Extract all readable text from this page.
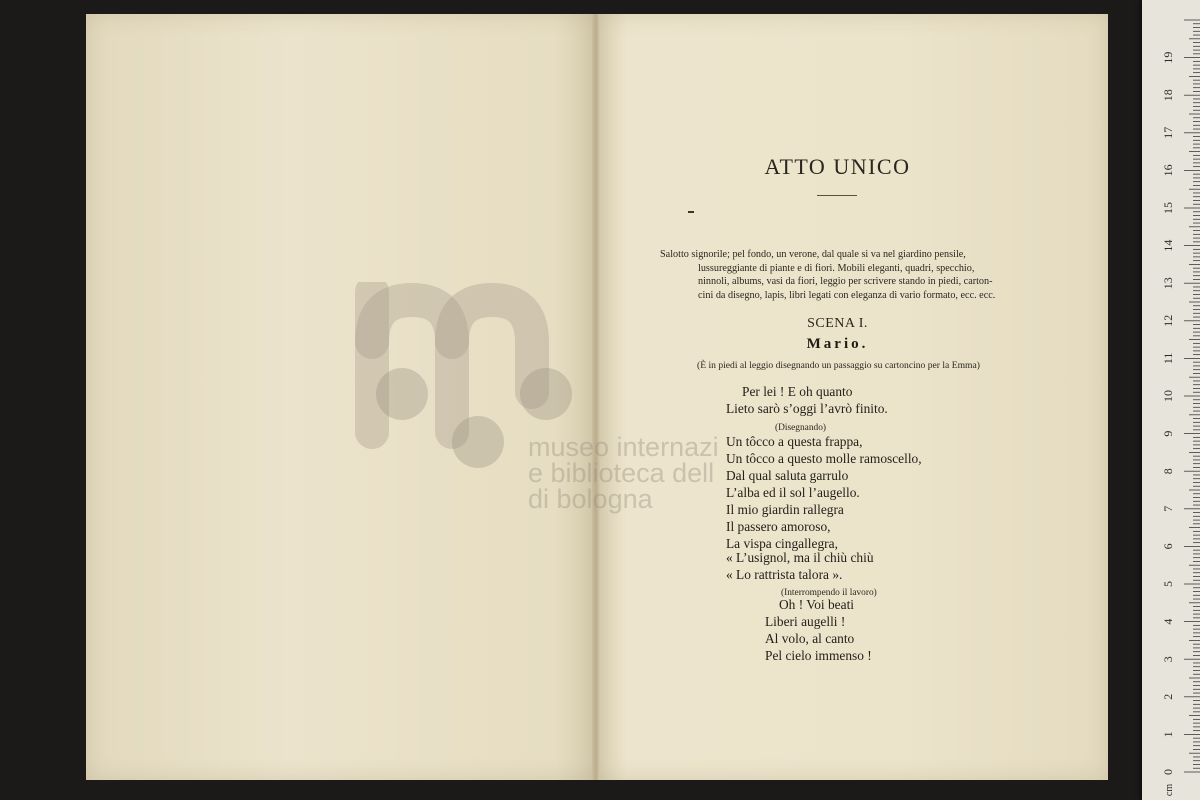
museo internazi
e biblioteca dell
di bologna
ATTO UNICO
Salotto signorile; pel fondo, un verone, dal quale si va nel giardino pensile,
lussureggiante di piante e di fiori. Mobili eleganti, quadri, specchio,
ninnoli, albums, vasi da fiori, leggio per scrivere stando in piedi, carton-
cini da disegno, lapis, libri legati con eleganza di vario formato, ecc. ecc.
SCENA I.
Mario.
(È in piedi al leggio disegnando un passaggio su cartoncino per la Emma)
Per lei ! E oh quanto
Lieto sarò s’oggi l’avrò finito.
(Disegnando)
Un tôcco a questa frappa,
Un tôcco a questo molle ramoscello,
Dal qual saluta garrulo
L’alba ed il sol l’augello.
Il mio giardin rallegra
Il passero amoroso,
La vispa cingallegra,
« L’usignol, ma il chiù chiù
« Lo rattrista talora ».
(Interrompendo il lavoro)
Oh ! Voi beati
Liberi augelli !
Al volo, al canto
Pel cielo immenso !
0
1
2
3
4
5
6
7
8
9
10
11
12
13
14
15
16
17
18
19
cm
